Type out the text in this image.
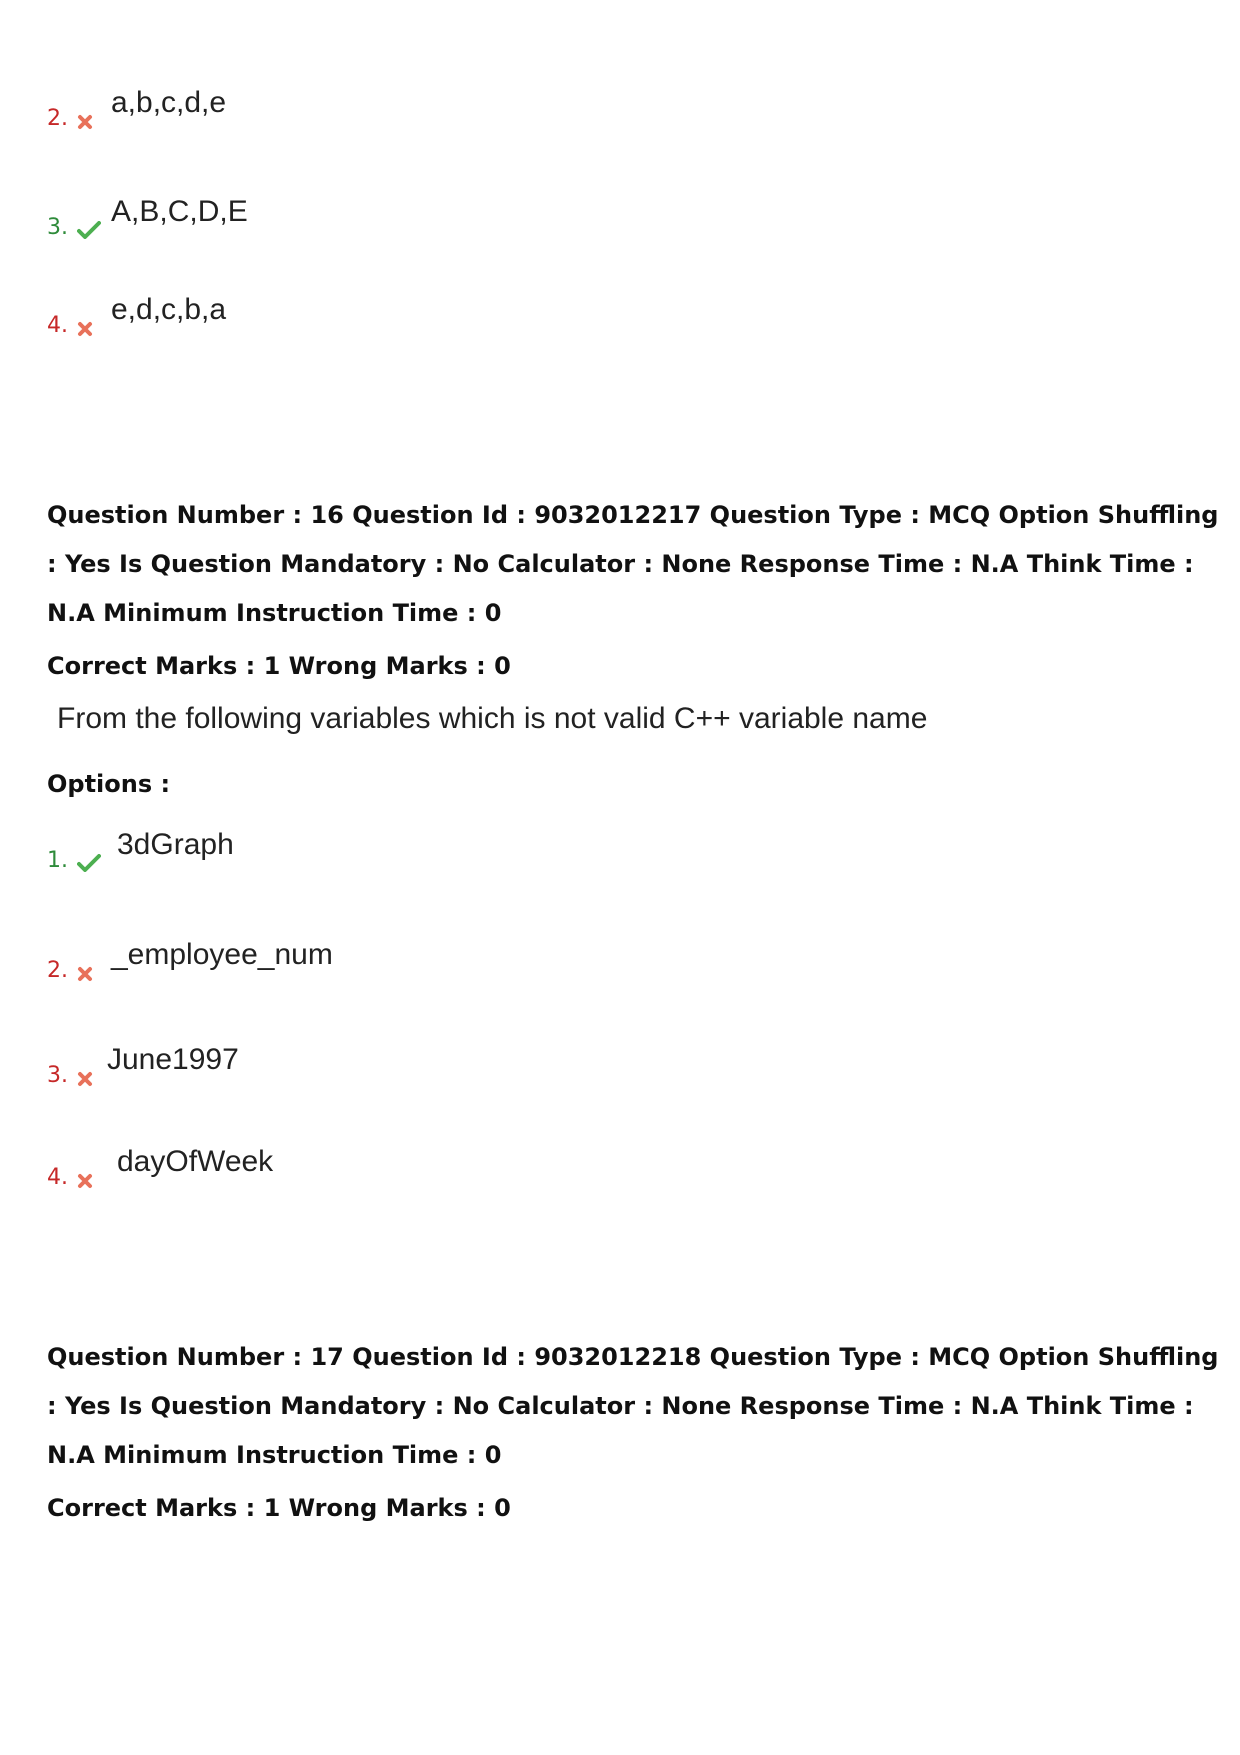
2.	a,b,c,d,e
3.	A,B,C,D,E
4.	e,d,c,b,a

Question Number : 16 Question Id : 9032012217 Question Type : MCQ Option Shuffling : Yes Is Question Mandatory : No Calculator : None Response Time : N.A Think Time : N.A Minimum Instruction Time : 0

Correct Marks : 1 Wrong Marks : 0

From the following variables which is not valid C++ variable name

Options :

1.	3dGraph
2.	_employee_num
3.	June1997
4.	dayOfWeek

Question Number : 17 Question Id : 9032012218 Question Type : MCQ Option Shuffling : Yes Is Question Mandatory : No Calculator : None Response Time : N.A Think Time : N.A Minimum Instruction Time : 0

Correct Marks : 1 Wrong Marks : 0
